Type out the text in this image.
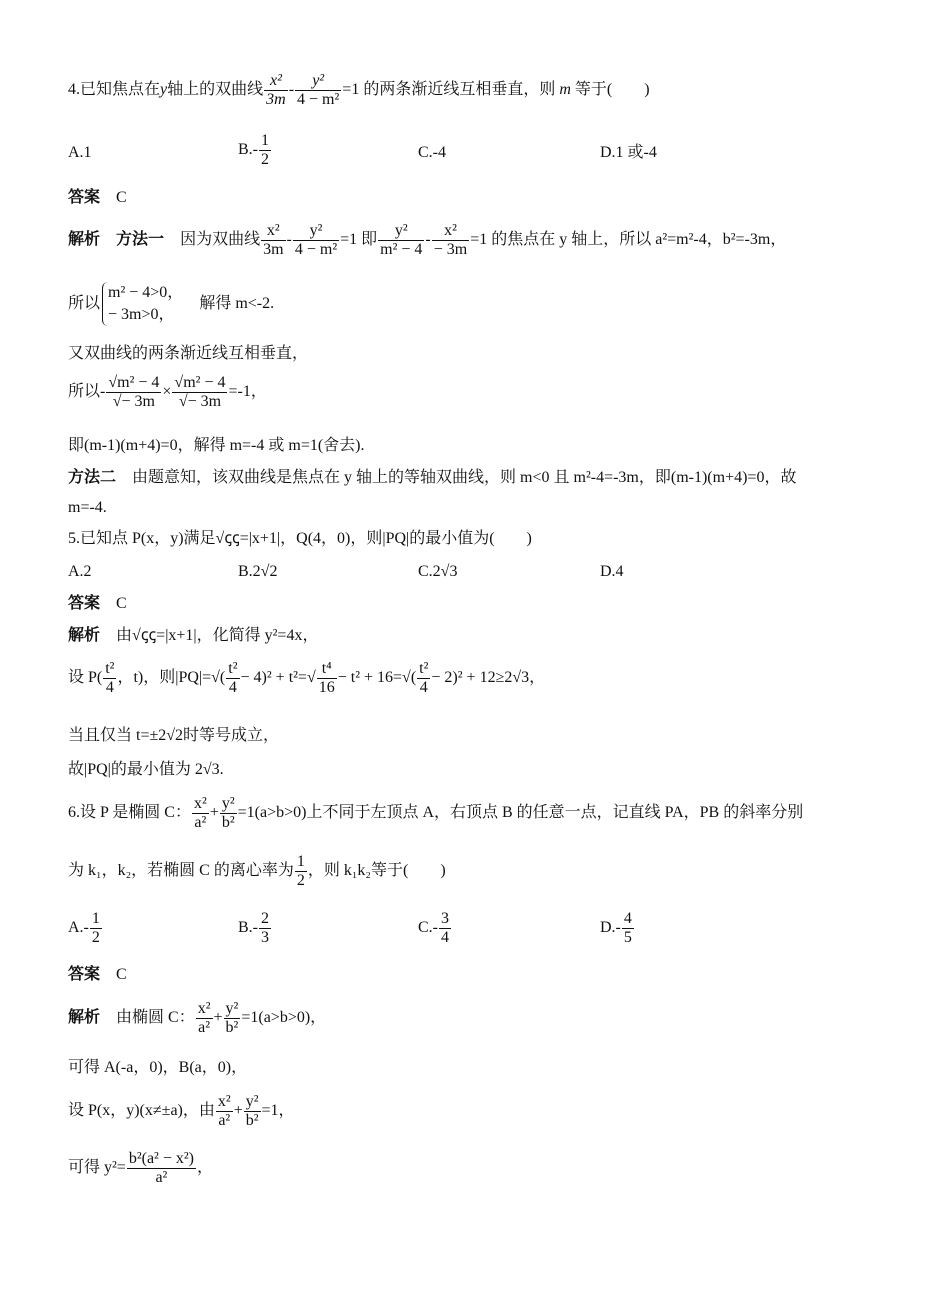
4.已知焦点在y轴上的双曲线 $\frac{\text{x²}}{3m} - \frac{\text{y²}}{\text{4 − m²}} =1$ 的两条渐近线互相垂直，则 m 等于(　　)
A.1	$B.- \frac{1}{2}$	C.-4	D.1 或-4
答案　 C
解析　 方法一　 因为双曲线 $\frac{\text{x²}}{3m} - \frac{\text{y²}}{\text{4 − m²}} =1$ 即 $\frac{\text{y²}}{\text{m² − 4}} - \frac{\text{x²}}{- 3m} =1$ 的焦点在 y 轴上，所以 a²=m²-4，b²=-3m，
所以
m² − 4>0，
− 3m>0，
　解得 m<-2.
又双曲线的两条渐近线互相垂直，
所以- $\frac{\text{√m² − 4}}{√- 3m} \times \frac{\text{√m² − 4}}{√- 3m} =-1$，
即(m-1)(m+4)=0，解得 m=-4 或 m=1(舍去).
方法二　 由题意知，该双曲线是焦点在 y 轴上的等轴双曲线，则 m<0 且 m²-4=-3m，即(m-1)(m+4)=0，故
m=-4.
5.已知点 P(x，y)满足√ꞔꞔ=|x+1|，Q(4，0)，则|PQ|的最小值为(　　)
A.2	B.2√2	C.2√3	D.4
答案　 C
解析　 由√ꞔꞔ=|x+1|，化简得 y²=4x，
设 $P( \frac{\text{t²}}{4}$ ，t)，则$|PQ|=√( \frac{\text{t²}}{4} - 4)^2 + t^2=√ \frac{\text{t⁴}}{16} - t^2 + 16=√( \frac{\text{t²}}{4} - 2)^2 + 12\ge 2√3$，
当且仅当 t=±2√2时等号成立，
故|PQ|的最小值为 2√3.
6.设 P 是椭圆 C： $\frac{\text{x²}}{\text{a²}} + \frac{\text{y²}}{\text{b²}} =1(a>b>0)$上不同于左顶点 A，右顶点 B 的任意一点，记直线 PA，PB 的斜率分别
为 k₁，k₂，若椭圆 C 的离心率为 $\frac{1}{2}$ ，则 k₁k₂等于(　　)
$A.- \frac{1}{2}$	$B.- \frac{2}{3}$	$C.- \frac{3}{4}$	$D.- \frac{4}{5}$
答案　 C
解析　 由椭圆 C： $\frac{\text{x²}}{\text{a²}} + \frac{\text{y²}}{\text{b²}} =1(a>b>0)$，
可得 A(-a，0)，B(a，0)，
设 P(x，y)(x≠±a)，由 $\frac{\text{x²}}{\text{a²}} + \frac{\text{y²}}{\text{b²}} =1$，
可得 $y^2= \frac{\text{b²(a² − x²)}}{\text{a²}}$ ，
